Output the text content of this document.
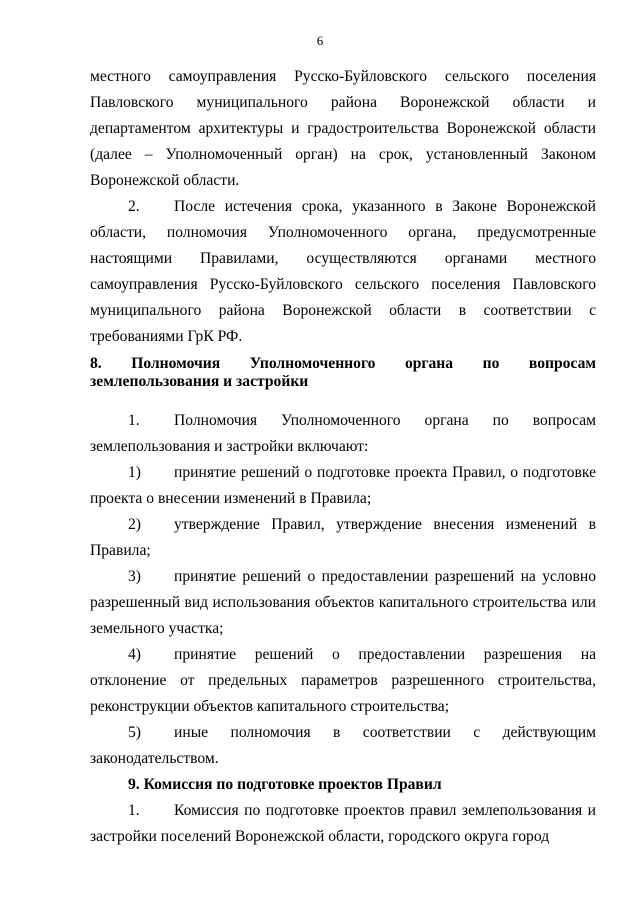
6

местного самоуправления Русско-Буйловского сельского поселения Павловского муниципального района Воронежской области и департаментом архитектуры и градостроительства Воронежской области (далее – Уполномоченный орган) на срок, установленный Законом Воронежской области.

2. После истечения срока, указанного в Законе Воронежской области, полномочия Уполномоченного органа, предусмотренные настоящими Правилами, осуществляются органами местного самоуправления Русско-Буйловского сельского поселения Павловского муниципального района Воронежской области в соответствии с требованиями ГрК РФ.

8. Полномочия Уполномоченного органа по вопросам землепользования и застройки

1. Полномочия Уполномоченного органа по вопросам землепользования и застройки включают:

1) принятие решений о подготовке проекта Правил, о подготовке проекта о внесении изменений в Правила;

2) утверждение Правил, утверждение внесения изменений в Правила;

3) принятие решений о предоставлении разрешений на условно разрешенный вид использования объектов капитального строительства или земельного участка;

4) принятие решений о предоставлении разрешения на отклонение от предельных параметров разрешенного строительства, реконструкции объектов капитального строительства;

5) иные полномочия в соответствии с действующим законодательством.

9. Комиссия по подготовке проектов Правил

1. Комиссия по подготовке проектов правил землепользования и застройки поселений Воронежской области, городского округа город
